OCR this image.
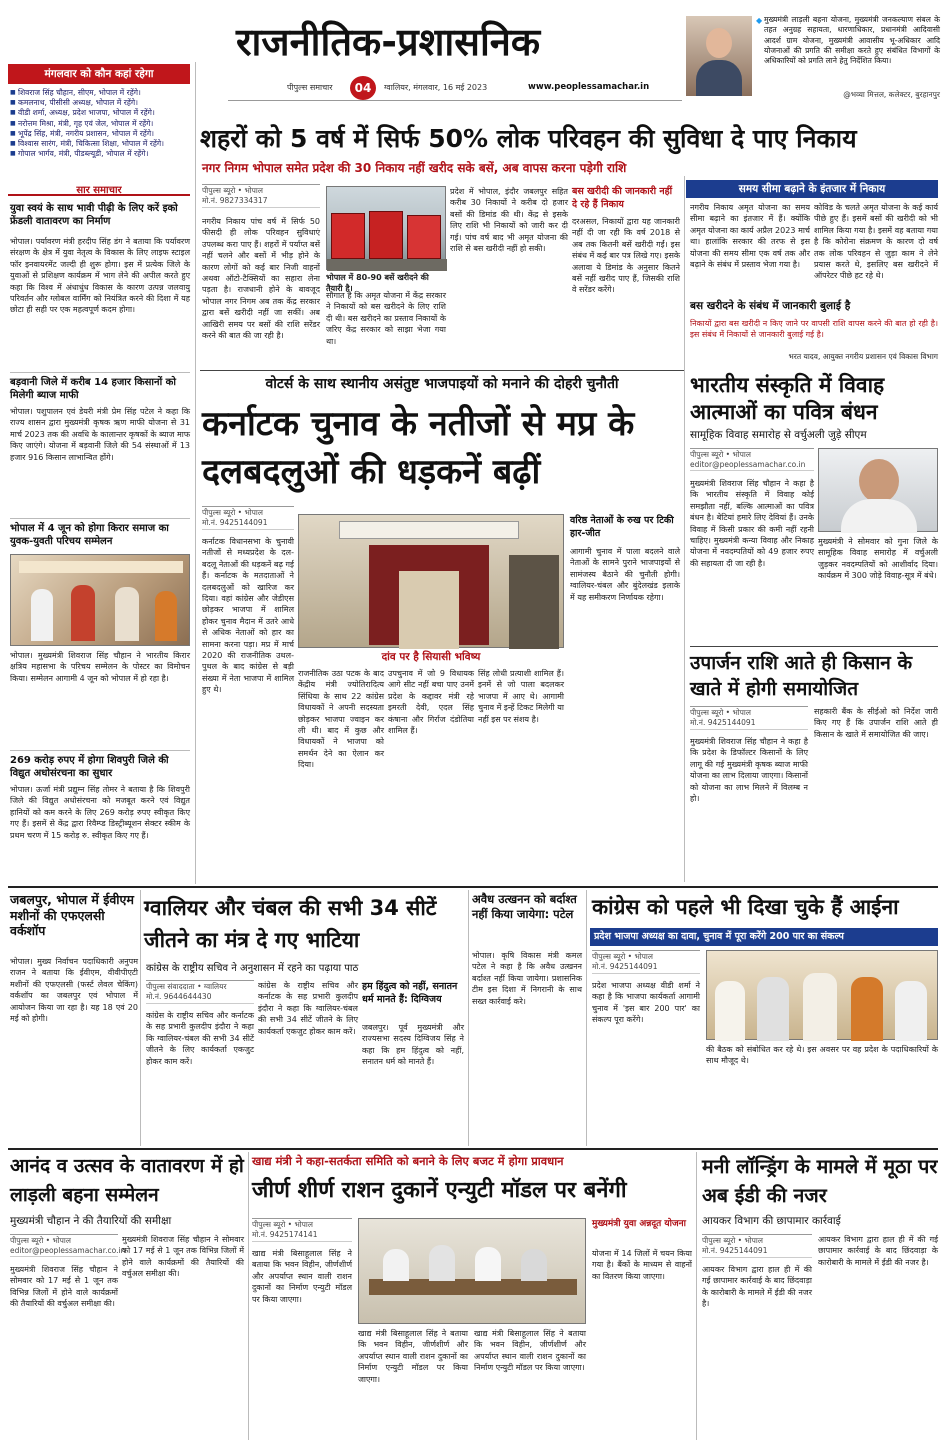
राजनीतिक-प्रशासनिक
पीपुल्स समाचार	04	ग्वालियर, मंगलवार, 16 मई 2023	www.peoplessamachar.in
◆ मुख्यमंत्री लाड़ली बहना योजना, मुख्यमंत्री जनकल्याण संबल के तहत अनुग्रह सहायता, धारणाधिकार, प्रधानमंत्री आदिवासी आदर्श ग्राम योजना, मुख्यमंत्री आवासीय भू-अधिकार आदि योजनाओं की प्रगति की समीक्षा करते हुए संबंधित विभागों के अधिकारियों को प्रगति लाने हेतु निर्देशित किया।
@भव्या मित्तल, कलेक्टर, बुरहानपुर
मंगलवार को कौन कहां रहेगा
■ शिवराज सिंह चौहान, सीएम, भोपाल में रहेंगे।
■ कमलनाथ, पीसीसी अध्यक्ष, भोपाल में रहेंगे।
■ वीडी शर्मा, अध्यक्ष, प्रदेश भाजपा, भोपाल में रहेंगे।
■ नरोत्तम मिश्रा, मंत्री, गृह एवं जेल, भोपाल में रहेंगे।
■ भूपेंद्र सिंह, मंत्री, नगरीय प्रशासन, भोपाल में रहेंगे।
■ विश्वास सारंग, मंत्री, चिकित्सा शिक्षा, भोपाल में रहेंगे।
■ गोपाल भार्गव, मंत्री, पीडब्ल्यूडी, भोपाल में रहेंगे।
सार समाचार
युवा स्वयं के साथ भावी पीढ़ी के लिए करें इको फ्रेंडली वातावरण का निर्माण
भोपाल। पर्यावरण मंत्री हरदीप सिंह डंग ने बताया कि पर्यावरण संरक्षण के क्षेत्र में युवा नेतृत्व के विकास के लिए लाइफ स्टाइल फॉर इनवायरमेंट जल्दी ही शुरू होगा। इस में प्रत्येक जिले के युवाओं से प्रशिक्षण कार्यक्रम में भाग लेने की अपील करते हुए कहा कि विश्व में अंधाधुंध विकास के कारण उत्पन्न जलवायु परिवर्तन और ग्लोबल वार्मिंग को नियंत्रित करने की दिशा में यह छोटा ही सही पर एक महत्वपूर्ण कदम होगा।
बड़वानी जिले में करीब 14 हजार किसानों को मिलेगी ब्याज माफी
भोपाल। पशुपालन एवं डेयरी मंत्री प्रेम सिंह पटेल ने कहा कि राज्य शासन द्वारा मुख्यमंत्री कृषक ऋण माफी योजना से 31 मार्च 2023 तक की अवधि के कालान्तर कृषकों के ब्याज माफ किए जाएंगे। योजना में बड़वानी जिले की 54 संस्थाओं में 13 हजार 916 किसान लाभान्वित होंगे।
भोपाल में 4 जून को होगा किरार समाज का युवक-युवती परिचय सम्मेलन
भोपाल। मुख्यमंत्री शिवराज सिंह चौहान ने भारतीय किरार क्षत्रिय महासभा के परिचय सम्मेलन के पोस्टर का विमोचन किया। सम्मेलन आगामी 4 जून को भोपाल में हो रहा है।
269 करोड़ रुपए में होगा शिवपुरी जिले की विद्युत अधोसंरचना का सुधार
भोपाल। ऊर्जा मंत्री प्रद्युम्न सिंह तोमर ने बताया है कि शिवपुरी जिले की विद्युत अधोसंरचना को मजबूत करने एवं विद्युत हानियों को कम करने के लिए 269 करोड़ रुपए स्वीकृत किए गए हैं। इसमें से केंद्र द्वारा रिवैम्प्ड डिस्ट्रीब्यूशन सेक्टर स्कीम के प्रथम चरण में 15 करोड़ रु. स्वीकृत किए गए हैं।
शहरों को 5 वर्ष में सिर्फ 50% लोक परिवहन की सुविधा दे पाए निकाय
नगर निगम भोपाल समेत प्रदेश की 30 निकाय नहीं खरीद सके बसें, अब वापस करना पड़ेगी राशि
पीपुल्स ब्यूरो • भोपाल
मो.नं. 9827334317
नगरीय निकाय पांच वर्ष में सिर्फ 50 फीसदी ही लोक परिवहन सुविधाएं उपलब्ध करा पाए हैं। शहरों में पर्याप्त बसें नहीं चलने और बसों में भीड़ होने के कारण लोगों को कई बार निजी वाहनों अथवा ऑटो-टैक्सियों का सहारा लेना पड़ता है। राजधानी होने के बावजूद भोपाल नगर निगम अब तक केंद्र सरकार द्वारा बसें खरीदी नहीं जा सकीं। अब आखिरी समय पर बसों की राशि सरेंडर करने की बात की जा रही है।
भोपाल में 80-90 बसें खरीदने की तैयारी है।
सौगात है कि अमृत योजना में केंद्र सरकार ने निकायों को बस खरीदने के लिए राशि दी थी। बस खरीदने का प्रस्ताव निकायों के जरिए केंद्र सरकार को साझा भेजा गया था।
प्रदेश में भोपाल, इंदौर जबलपुर सहित करीब 30 निकायों ने करीब दो हजार बसों की डिमांड की थी। केंद्र से इसके लिए राशि भी निकायों को जारी कर दी गई। पांच वर्ष बाद भी अमृत योजना की राशि से बस खरीदी नहीं हो सकी।
बस खरीदी की जानकारी नहीं दे रहे हैं निकाय
दरअसल, निकायों द्वारा यह जानकारी नहीं दी जा रही कि वर्ष 2018 से अब तक कितनी बसें खरीदी गईं। इस संबंध में कई बार पत्र लिखे गए। इसके अलावा ये डिमांड के अनुसार कितने बसें नहीं खरीद पाए हैं, जिसकी राशि वे सरेंडर करेंगे।
समय सीमा बढ़ाने के इंतजार में निकाय
नगरीय निकाय अमृत योजना का समय सीमा बढ़ाने का इंतजार में हैं। क्योंकि अमृत योजना का कार्य अप्रैल 2023 मार्च था। हालांकि सरकार की तरफ से इस योजना की समय सीमा एक वर्ष तक और बढ़ाने के संबंध में प्रस्ताव भेजा गया है।
कोविड के चलते अमृत योजना के कई कार्य पीछे हुए हैं। इसमें बसों की खरीदी को भी शामिल किया गया है। इसमें वह बताया गया है कि कोरोना संक्रमण के कारण दो वर्ष तक लोक परिवहन से जुड़ा काम ने लेने प्रयास करते थे, इसलिए बस खरीदने में ऑपरेटर पीछे हट रहे थे।
बस खरीदने के संबंध में जानकारी बुलाई है
निकायों द्वारा बस खरीदी न किए जाने पर वापसी राशि वापस करने की बात हो रही है। इस संबंध में निकायों से जानकारी बुलाई गई है।
भरत यादव, आयुक्त नगरीय प्रशासन एवं विकास विभाग
वोटर्स के साथ स्थानीय असंतुष्ट भाजपाइयों को मनाने की दोहरी चुनौती
कर्नाटक चुनाव के नतीजों से मप्र के दलबदलुओं की धड़कनें बढ़ीं
पीपुल्स ब्यूरो • भोपाल
मो.नं. 9425144091
कर्नाटक विधानसभा के चुनावी नतीजों से मध्यप्रदेश के दल-बदलू नेताओं की धड़कनें बढ़ गई हैं। कर्नाटक के मतदाताओं ने दलबदलुओं को खारिज कर दिया। वहां कांग्रेस और जेडीएस छोड़कर भाजपा में शामिल होकर चुनाव मैदान में उतरे आधे से अधिक नेताओं को हार का सामना करना पड़ा। मप्र में मार्च 2020 की राजनीतिक उथल-पुथल के बाद कांग्रेस से बड़ी संख्या में नेता भाजपा में शामिल हुए थे।
दांव पर है सियासी भविष्य
राजनीतिक उठा पटक के बाद केंद्रीय मंत्री ज्योतिरादित्य सिंधिया के साथ 22 कांग्रेस विधायकों ने अपनी सदस्यता छोड़कर भाजपा ज्वाइन कर ली थी। बाद में कुछ और विधायकों ने भाजपा को समर्थन देने का ऐलान कर दिया।
उपचुनाव में जो 9 विधायक आगे सीट नहीं बचा पाए उनमें प्रदेश के कद्दावर मंत्री रहे इमरती देवी, एदल सिंह कंषाना और गिर्राज दंडोतिया शामिल हैं।
सिंह लोधी प्रत्याशी शामिल हैं। इनमें से जो पाला बदलकर भाजपा में आए थे। आगामी चुनाव में इन्हें टिकट मिलेगी या नहीं इस पर संशय है।
वरिष्ठ नेताओं के रुख पर टिकी हार-जीत
आगामी चुनाव में पाला बदलने वाले नेताओं के सामने पुराने भाजपाइयों से सामंजस्य बैठाने की चुनौती होगी। ग्वालियर-चंबल और बुंदेलखंड इलाके में यह समीकरण निर्णायक रहेगा।
भारतीय संस्कृति में विवाह आत्माओं का पवित्र बंधन
सामूहिक विवाह समारोह से वर्चुअली जुड़े सीएम
पीपुल्स ब्यूरो • भोपाल
editor@peoplessamachar.co.in
मुख्यमंत्री शिवराज सिंह चौहान ने कहा है कि भारतीय संस्कृति में विवाह कोई समझौता नहीं, बल्कि आत्माओं का पवित्र बंधन है। बेटियां हमारे लिए देवियां हैं। उनके विवाह में किसी प्रकार की कमी नहीं रहनी चाहिए। मुख्यमंत्री कन्या विवाह और निकाह योजना में नवदम्पतियों को 49 हजार रुपए की सहायता दी जा रही है।
मुख्यमंत्री ने सोमवार को गुना जिले के सामूहिक विवाह समारोह में वर्चुअली जुड़कर नवदम्पतियों को आशीर्वाद दिया। कार्यक्रम में 300 जोड़े विवाह-सूत्र में बंधे।
उपार्जन राशि आते ही किसान के खाते में होगी समायोजित
पीपुल्स ब्यूरो • भोपाल
मो.नं. 9425144091
मुख्यमंत्री शिवराज सिंह चौहान ने कहा है कि प्रदेश के डिफॉल्टर किसानों के लिए लागू की गई मुख्यमंत्री कृषक ब्याज माफी योजना का लाभ दिलाया जाएगा। किसानों को योजना का लाभ मिलने में विलम्ब न हो।
सहकारी बैंक के सीईओ को निर्देश जारी किए गए हैं कि उपार्जन राशि आते ही किसान के खाते में समायोजित की जाए।
जबलपुर, भोपाल में ईवीएम मशीनों की एफएलसी वर्कशॉप
भोपाल। मुख्य निर्वाचन पदाधिकारी अनुपम राजन ने बताया कि ईवीएम, वीवीपीएटी मशीनों की एफएलसी (फर्स्ट लेवल चेकिंग) वर्कशॉप का जबलपुर एवं भोपाल में आयोजन किया जा रहा है। यह 18 एवं 20 मई को होगी।
ग्वालियर और चंबल की सभी 34 सीटें जीतने का मंत्र दे गए भाटिया
कांग्रेस के राष्ट्रीय सचिव ने अनुशासन में रहने का पढ़ाया पाठ
पीपुल्स संवाददाता • ग्वालियर
मो.नं. 9644644430
कांग्रेस के राष्ट्रीय सचिव और कर्नाटक के सह प्रभारी कुलदीप इंदौरा ने कहा कि ग्वालियर-चंबल की सभी 34 सीटें जीतने के लिए कार्यकर्ता एकजुट होकर काम करें।
हम हिंदुत्व को नहीं, सनातन धर्म मानते हैं: दिग्विजय
जबलपुर। पूर्व मुख्यमंत्री और राज्यसभा सदस्य दिग्विजय सिंह ने कहा कि हम हिंदुत्व को नहीं, सनातन धर्म को मानते हैं।
कांग्रेस के राष्ट्रीय सचिव और कर्नाटक के सह प्रभारी कुलदीप इंदौरा ने कहा कि ग्वालियर-चंबल की सभी 34 सीटें जीतने के लिए कार्यकर्ता एकजुट होकर काम करें।
अवैध उत्खनन को बर्दाश्त नहीं किया जायेगा: पटेल
भोपाल। कृषि विकास मंत्री कमल पटेल ने कहा है कि अवैध उत्खनन बर्दाश्त नहीं किया जायेगा। प्रशासनिक टीम इस दिशा में निगरानी के साथ सख्त कार्रवाई करे।
कांग्रेस को पहले भी दिखा चुके हैं आईना
प्रदेश भाजपा अध्यक्ष का दावा, चुनाव में पूरा करेंगे 200 पार का संकल्प
पीपुल्स ब्यूरो • भोपाल
मो.नं. 9425144091
प्रदेश भाजपा अध्यक्ष वीडी शर्मा ने कहा है कि भाजपा कार्यकर्ता आगामी चुनाव में 'इस बार 200 पार' का संकल्प पूरा करेंगे।
की बैठक को संबोधित कर रहे थे। इस अवसर पर वह प्रदेश के पदाधिकारियों के साथ मौजूद थे।
आनंद व उत्सव के वातावरण में हो लाड़ली बहना सम्मेलन
मुख्यमंत्री चौहान ने की तैयारियों की समीक्षा
पीपुल्स ब्यूरो • भोपाल
editor@peoplessamachar.co.in
मुख्यमंत्री शिवराज सिंह चौहान ने सोमवार को 17 मई से 1 जून तक विभिन्न जिलों में होने वाले कार्यक्रमों की तैयारियों की वर्चुअल समीक्षा की।
मुख्यमंत्री शिवराज सिंह चौहान ने सोमवार को 17 मई से 1 जून तक विभिन्न जिलों में होने वाले कार्यक्रमों की तैयारियों की वर्चुअल समीक्षा की।
खाद्य मंत्री ने कहा-सतर्कता समिति को बनाने के लिए बजट में होगा प्रावधान
जीर्ण शीर्ण राशन दुकानें एन्युटी मॉडल पर बनेंगी
पीपुल्स ब्यूरो • भोपाल
मो.नं. 9425174141
खाद्य मंत्री बिसाहूलाल सिंह ने बताया कि भवन विहीन, जीर्णशीर्ण और अपर्याप्त स्थान वाली राशन दुकानों का निर्माण एन्युटी मॉडल पर किया जाएगा।
खाद्य मंत्री बिसाहूलाल सिंह ने बताया कि भवन विहीन, जीर्णशीर्ण और अपर्याप्त स्थान वाली राशन दुकानों का निर्माण एन्युटी मॉडल पर किया जाएगा।
खाद्य मंत्री बिसाहूलाल सिंह ने बताया कि भवन विहीन, जीर्णशीर्ण और अपर्याप्त स्थान वाली राशन दुकानों का निर्माण एन्युटी मॉडल पर किया जाएगा।
मुख्यमंत्री युवा अन्नदूत योजना
योजना में 14 जिलों में चयन किया गया है। बैंकों के माध्यम से वाहनों का वितरण किया जाएगा।
मनी लॉन्ड्रिंग के मामले में मूठा पर अब ईडी की नजर
आयकर विभाग की छापामार कार्रवाई
पीपुल्स ब्यूरो • भोपाल
मो.नं. 9425144091
आयकर विभाग द्वारा हाल ही में की गई छापामार कार्रवाई के बाद छिंदवाड़ा के कारोबारी के मामले में ईडी की नजर है।
आयकर विभाग द्वारा हाल ही में की गई छापामार कार्रवाई के बाद छिंदवाड़ा के कारोबारी के मामले में ईडी की नजर है।
